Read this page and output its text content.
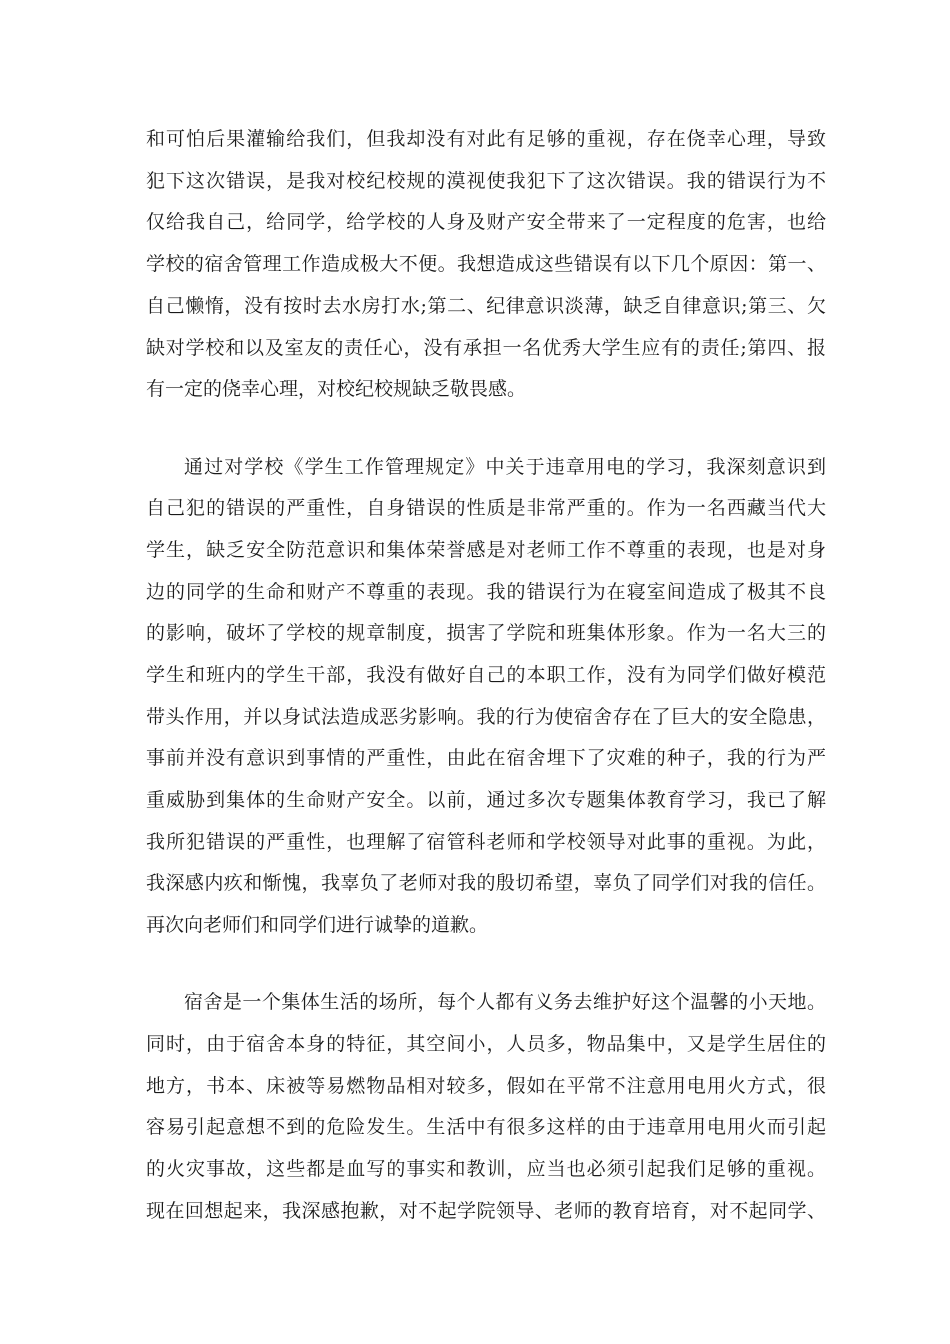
和可怕后果灌输给我们，但我却没有对此有足够的重视，存在侥幸心理，导致
犯下这次错误，是我对校纪校规的漠视使我犯下了这次错误。我的错误行为不
仅给我自己，给同学，给学校的人身及财产安全带来了一定程度的危害，也给
学校的宿舍管理工作造成极大不便。我想造成这些错误有以下几个原因：第一、
自己懒惰，没有按时去水房打水;第二、纪律意识淡薄，缺乏自律意识;第三、欠
缺对学校和以及室友的责任心，没有承担一名优秀大学生应有的责任;第四、报
有一定的侥幸心理，对校纪校规缺乏敬畏感。
通过对学校《学生工作管理规定》中关于违章用电的学习，我深刻意识到
自己犯的错误的严重性，自身错误的性质是非常严重的。作为一名西藏当代大
学生，缺乏安全防范意识和集体荣誉感是对老师工作不尊重的表现，也是对身
边的同学的生命和财产不尊重的表现。我的错误行为在寝室间造成了极其不良
的影响，破坏了学校的规章制度，损害了学院和班集体形象。作为一名大三的
学生和班内的学生干部，我没有做好自己的本职工作，没有为同学们做好模范
带头作用，并以身试法造成恶劣影响。我的行为使宿舍存在了巨大的安全隐患，
事前并没有意识到事情的严重性，由此在宿舍埋下了灾难的种子，我的行为严
重威胁到集体的生命财产安全。以前，通过多次专题集体教育学习，我已了解
我所犯错误的严重性，也理解了宿管科老师和学校领导对此事的重视。为此，
我深感内疚和惭愧，我辜负了老师对我的殷切希望，辜负了同学们对我的信任。
再次向老师们和同学们进行诚挚的道歉。
宿舍是一个集体生活的场所，每个人都有义务去维护好这个温馨的小天地。
同时，由于宿舍本身的特征，其空间小，人员多，物品集中，又是学生居住的
地方，书本、床被等易燃物品相对较多，假如在平常不注意用电用火方式，很
容易引起意想不到的危险发生。生活中有很多这样的由于违章用电用火而引起
的火灾事故，这些都是血写的事实和教训，应当也必须引起我们足够的重视。
现在回想起来，我深感抱歉，对不起学院领导、老师的教育培育，对不起同学、
